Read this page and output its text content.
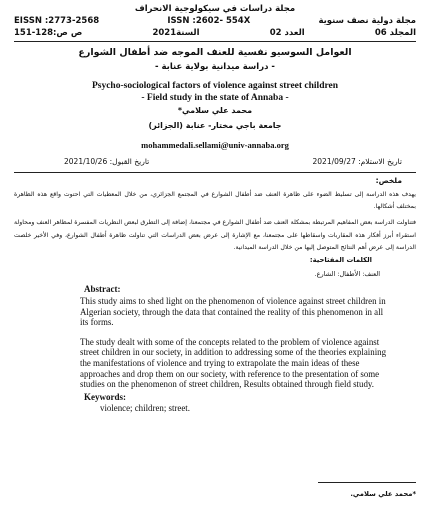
مجلة دراسات في سيكولوجية الانحراف
EISSN :2773-2568	ISSN :2602- 554X	مجلة دولية نصف سنوية
ص ص:128-151	السنة2021	العدد 02	المجلد 06
العوامل السوسيو نفسية للعنف الموجه ضد أطفال الشوارع
- دراسة ميدانية بولاية عنابة -
Psycho-sociological factors of violence against street children
- Field study in the state of Annaba -
محمد علي سلامي*
جامعة باجي مختار- عنابة (الجزائر)
mohammedali.sellami@univ-annaba.org
تاريخ الاستلام: 2021/09/27
تاريخ القبول: 2021/10/26
ملخص:

يهدف هذه الدراسة إلى تسليط الضوء على ظاهرة العنف ضد أطفال الشوارع في المجتمع الجزائري، من خلال المعطيات التي احتوت واقع هذه الظاهرة بمختلف أشكالها.

فتناولت الدراسة بعض المفاهيم المرتبطة بمشكلة العنف ضد أطفال الشوارع في مجتمعنا، إضافة إلى التطرق لبعض النظريات المفسرة لمظاهر العنف ومحاولة استقراء أبرز أفكار هذه المقاربات واسقاطها على مجتمعنا، مع الإشارة إلى عرض بعض الدراسات التي تناولت ظاهرة أطفال الشوارع، وفي الأخير خلصت الدراسة إلى عرض أهم النتائج المتوصل إليها من خلال الدراسة الميدانية.

الكلمات المفتاحية:
العنف: الأطفال: الشارع.
Abstract:

This study aims to shed light on the phenomenon of violence against street children in Algerian society, through the data that contained the reality of this phenomenon in all its forms.

The study dealt with some of the concepts related to the problem of violence against street children in our society, in addition to addressing some of the theories explaining the manifestations of violence and trying to extrapolate the main ideas of these approaches and drop them on our society, with reference to the presentation of some studies on the phenomenon of street children, Results obtained through field study.

Keywords:
violence; children; street.
*محمد علي سلامي.
